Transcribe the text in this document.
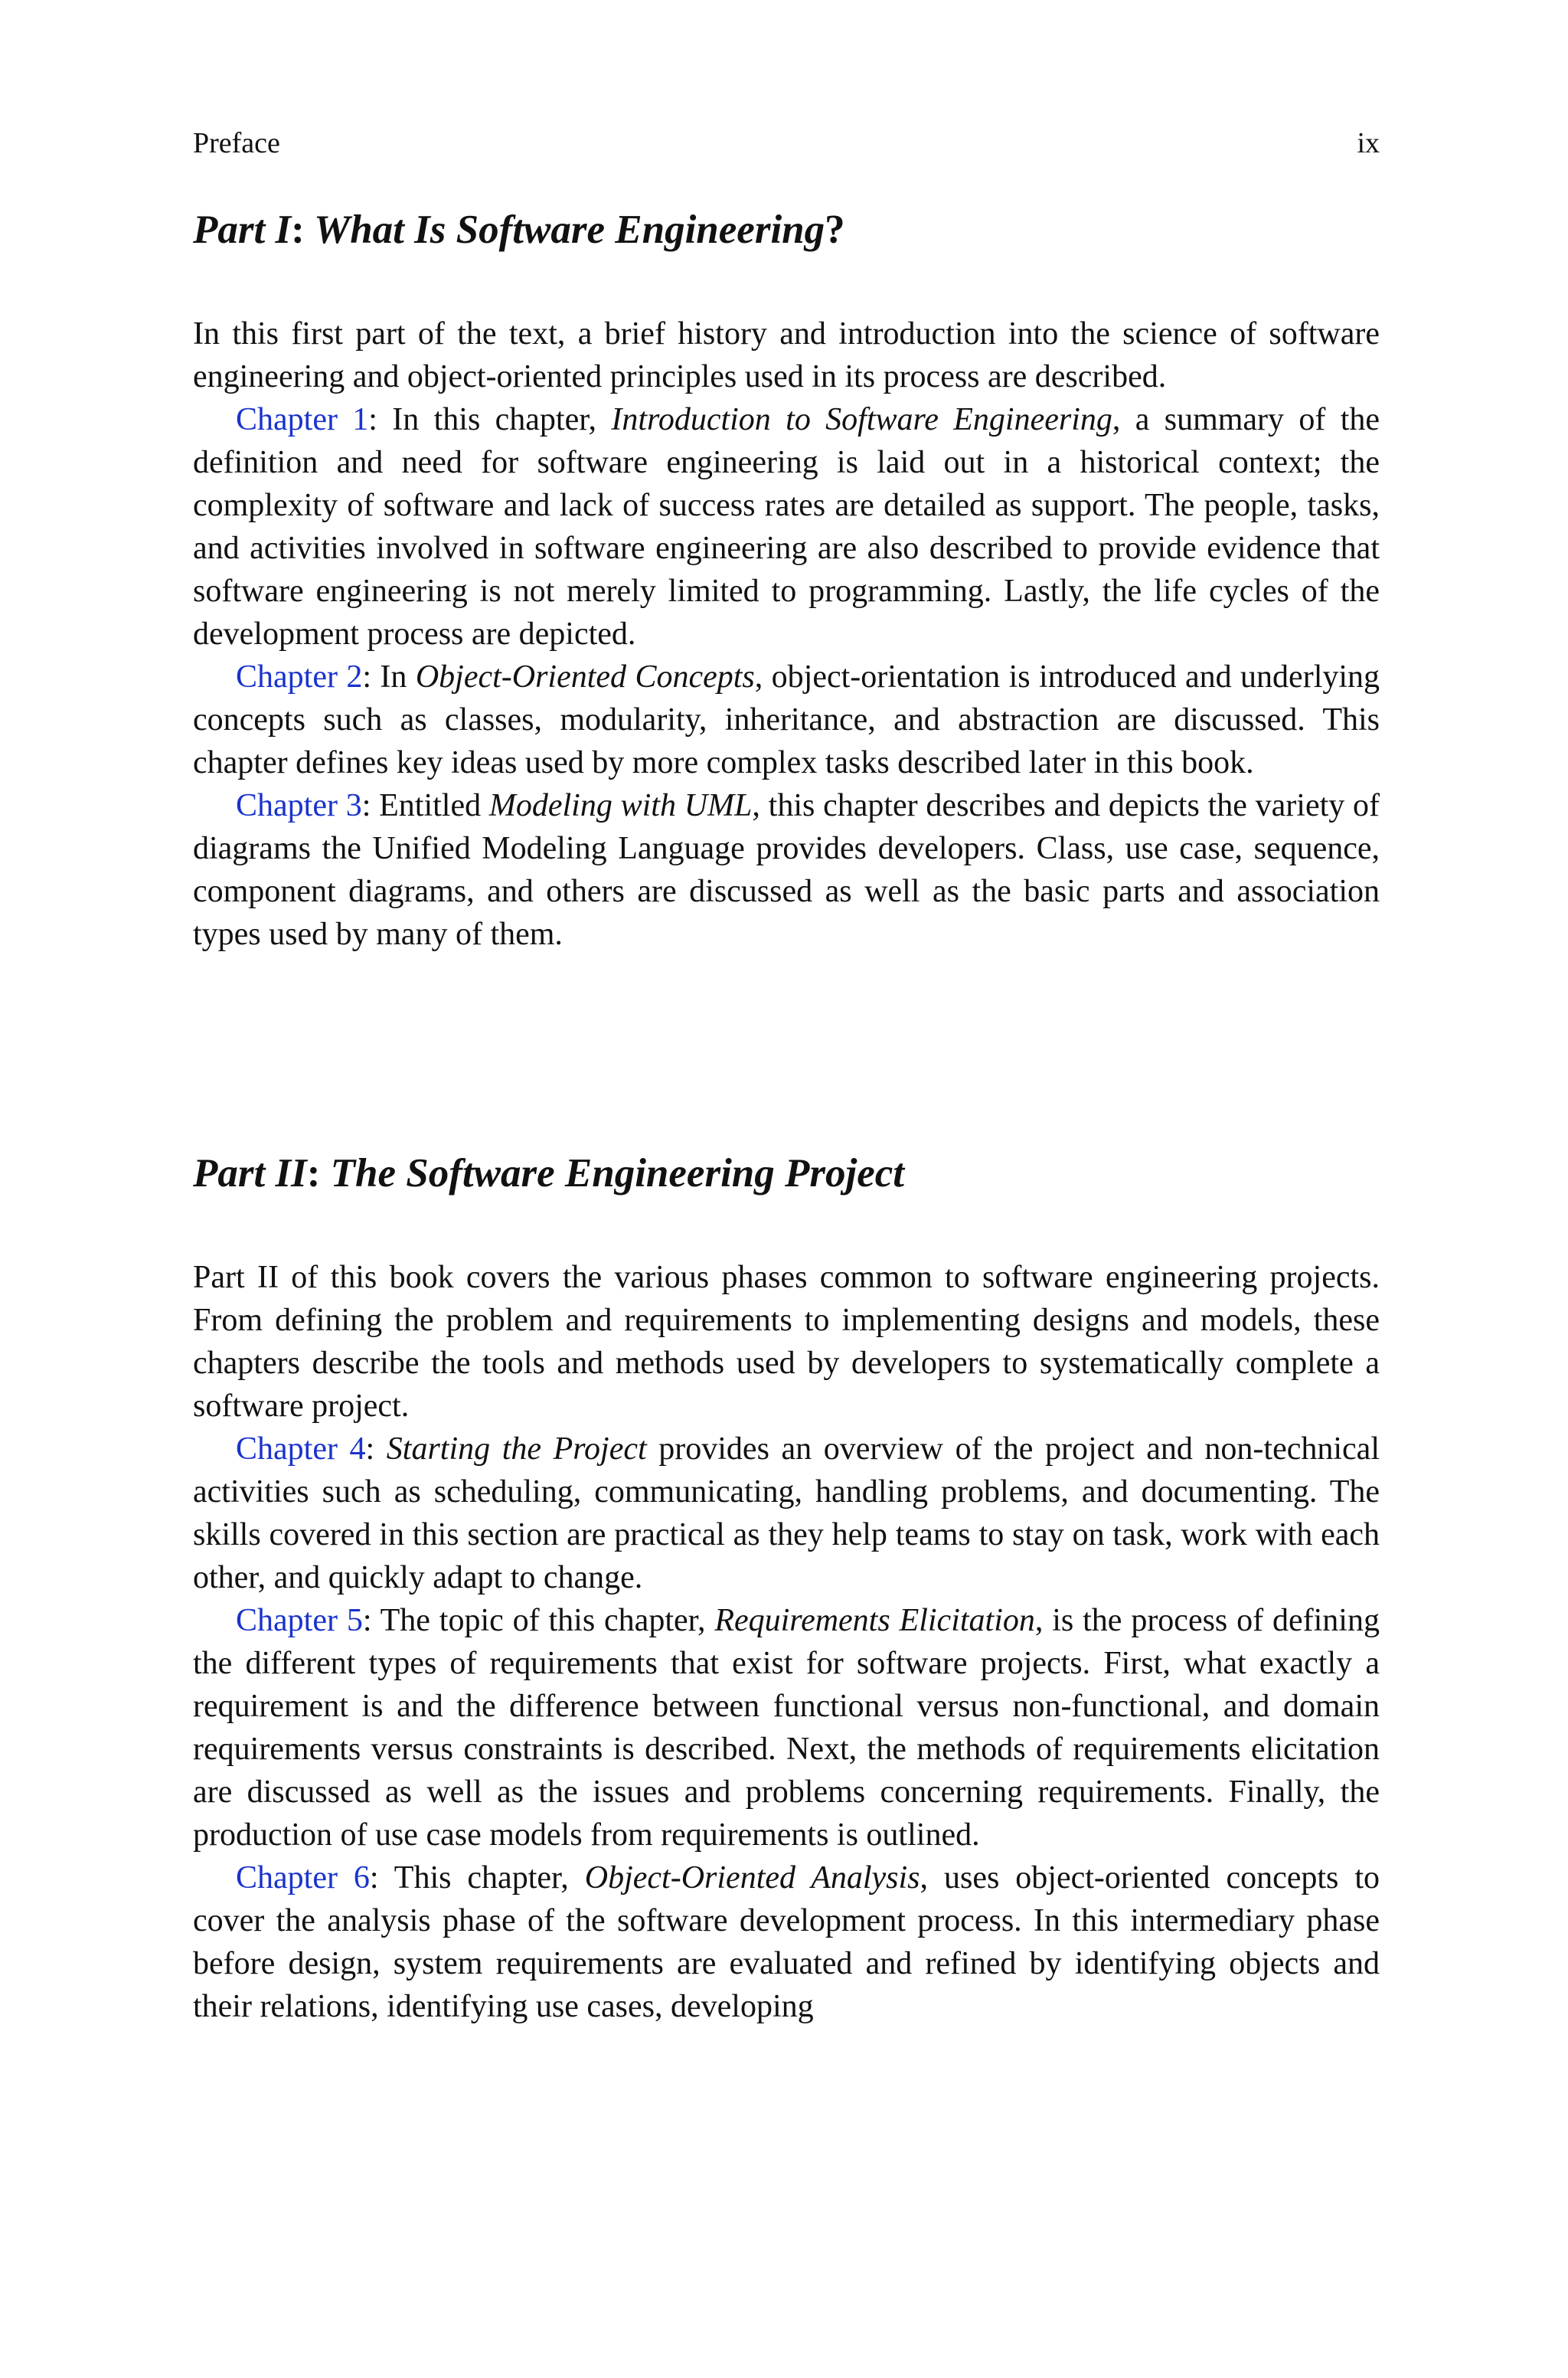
Preface	ix
Part I: What Is Software Engineering?

In this first part of the text, a brief history and introduction into the science of software engineering and object-oriented principles used in its process are described.

Chapter 1: In this chapter, Introduction to Software Engineering, a summary of the definition and need for software engineering is laid out in a historical context; the complexity of software and lack of success rates are detailed as support. The people, tasks, and activities involved in software engineering are also described to provide evidence that software engineering is not merely limited to programming. Lastly, the life cycles of the development process are depicted.

Chapter 2: In Object-Oriented Concepts, object-orientation is introduced and underlying concepts such as classes, modularity, inheritance, and abstraction are discussed. This chapter defines key ideas used by more complex tasks described later in this book.

Chapter 3: Entitled Modeling with UML, this chapter describes and depicts the variety of diagrams the Unified Modeling Language provides developers. Class, use case, sequence, component diagrams, and others are discussed as well as the basic parts and association types used by many of them.

Part II: The Software Engineering Project

Part II of this book covers the various phases common to software engineering projects. From defining the problem and requirements to implementing designs and models, these chapters describe the tools and methods used by developers to systematically complete a software project.

Chapter 4: Starting the Project provides an overview of the project and non-technical activities such as scheduling, communicating, handling problems, and documenting. The skills covered in this section are practical as they help teams to stay on task, work with each other, and quickly adapt to change.

Chapter 5: The topic of this chapter, Requirements Elicitation, is the process of defining the different types of requirements that exist for software projects. First, what exactly a requirement is and the difference between functional versus non-functional, and domain requirements versus constraints is described. Next, the methods of requirements elicitation are discussed as well as the issues and problems concerning requirements. Finally, the production of use case models from requirements is outlined.

Chapter 6: This chapter, Object-Oriented Analysis, uses object-oriented concepts to cover the analysis phase of the software development process. In this intermediary phase before design, system requirements are evaluated and refined by identifying objects and their relations, identifying use cases, developing
